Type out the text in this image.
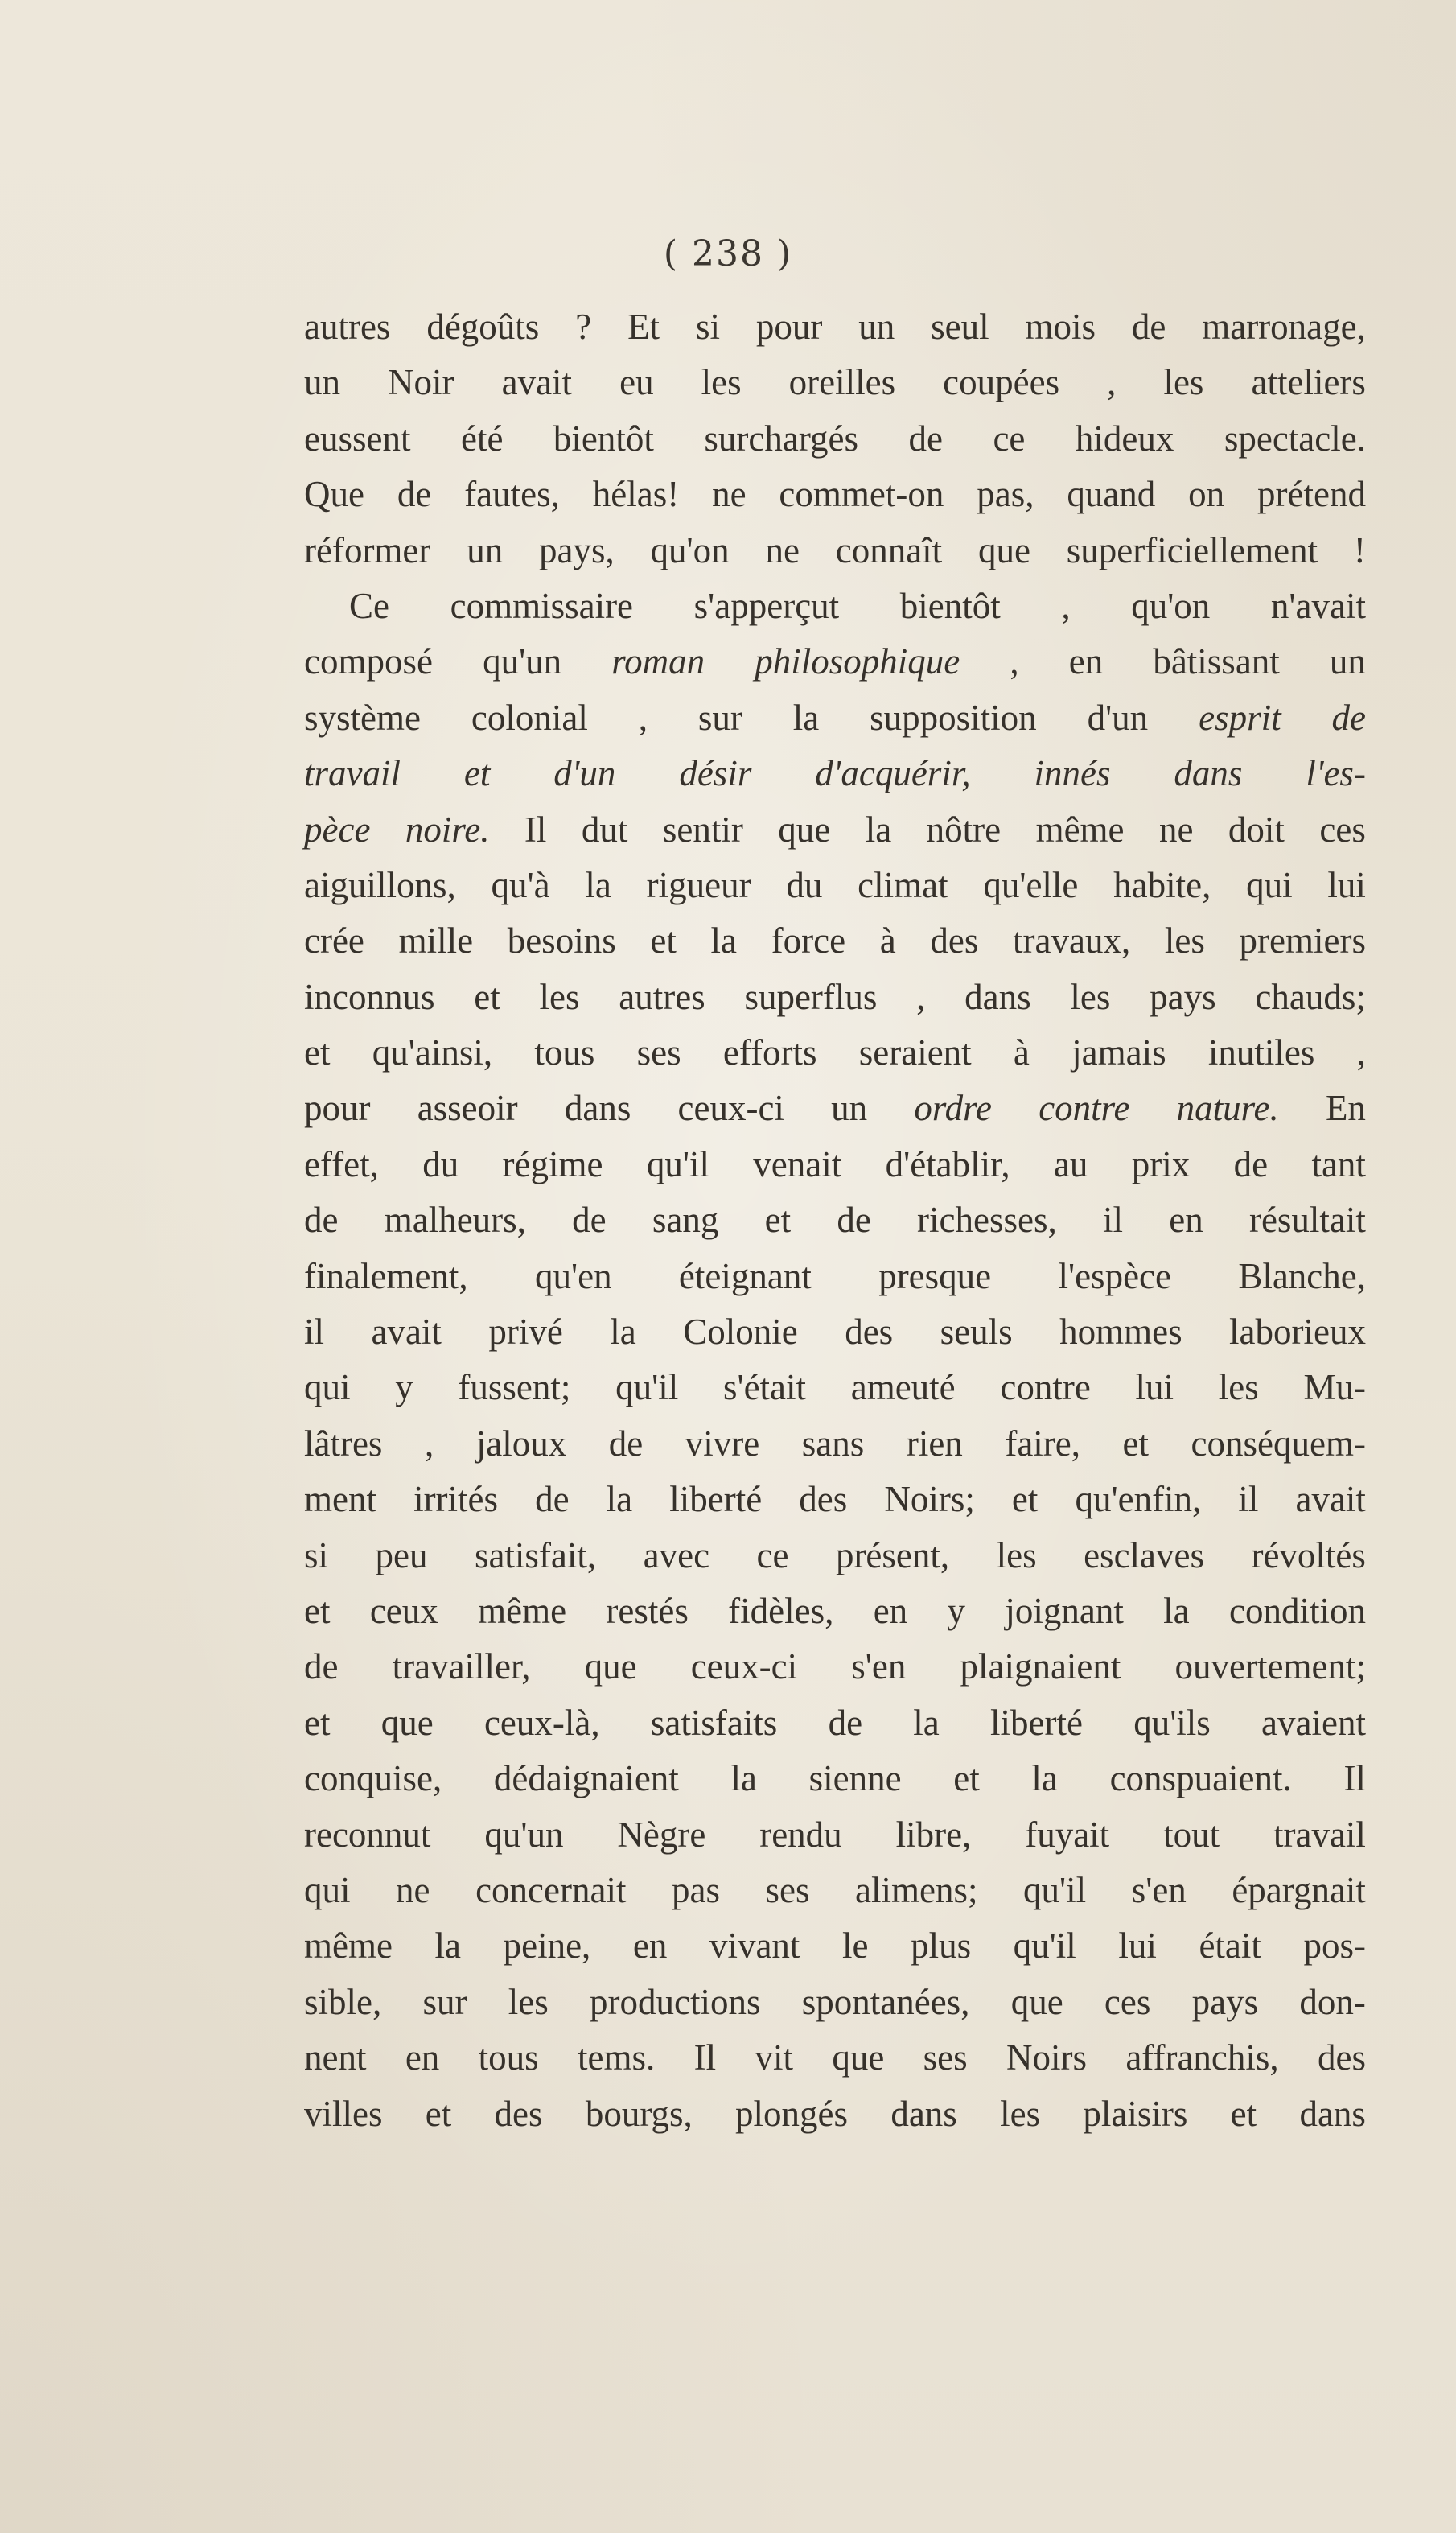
( 238 )
autres dégoûts ? Et si pour un seul mois de marronage,
un Noir avait eu les oreilles coupées , les atteliers
eussent été bientôt surchargés de ce hideux spectacle.
Que de fautes, hélas! ne commet-on pas, quand on prétend
réformer un pays, qu'on ne connaît que superficiellement !
Ce commissaire s'apperçut bientôt , qu'on n'avait
composé qu'un roman philosophique , en bâtissant un
système colonial , sur la supposition d'un esprit de
travail et d'un désir d'acquérir, innés dans l'es-
pèce noire. Il dut sentir que la nôtre même ne doit ces
aiguillons, qu'à la rigueur du climat qu'elle habite, qui lui
crée mille besoins et la force à des travaux, les premiers
inconnus et les autres superflus , dans les pays chauds;
et qu'ainsi, tous ses efforts seraient à jamais inutiles ,
pour asseoir dans ceux-ci un ordre contre nature. En
effet, du régime qu'il venait d'établir, au prix de tant
de malheurs, de sang et de richesses, il en résultait
finalement, qu'en éteignant presque l'espèce Blanche,
il avait privé la Colonie des seuls hommes laborieux
qui y fussent; qu'il s'était ameuté contre lui les Mu-
lâtres , jaloux de vivre sans rien faire, et conséquem-
ment irrités de la liberté des Noirs; et qu'enfin, il avait
si peu satisfait, avec ce présent, les esclaves révoltés
et ceux même restés fidèles, en y joignant la condition
de travailler, que ceux-ci s'en plaignaient ouvertement;
et que ceux-là, satisfaits de la liberté qu'ils avaient
conquise, dédaignaient la sienne et la conspuaient. Il
reconnut qu'un Nègre rendu libre, fuyait tout travail
qui ne concernait pas ses alimens; qu'il s'en épargnait
même la peine, en vivant le plus qu'il lui était pos-
sible, sur les productions spontanées, que ces pays don-
nent en tous tems. Il vit que ses Noirs affranchis, des
villes et des bourgs, plongés dans les plaisirs et dans
